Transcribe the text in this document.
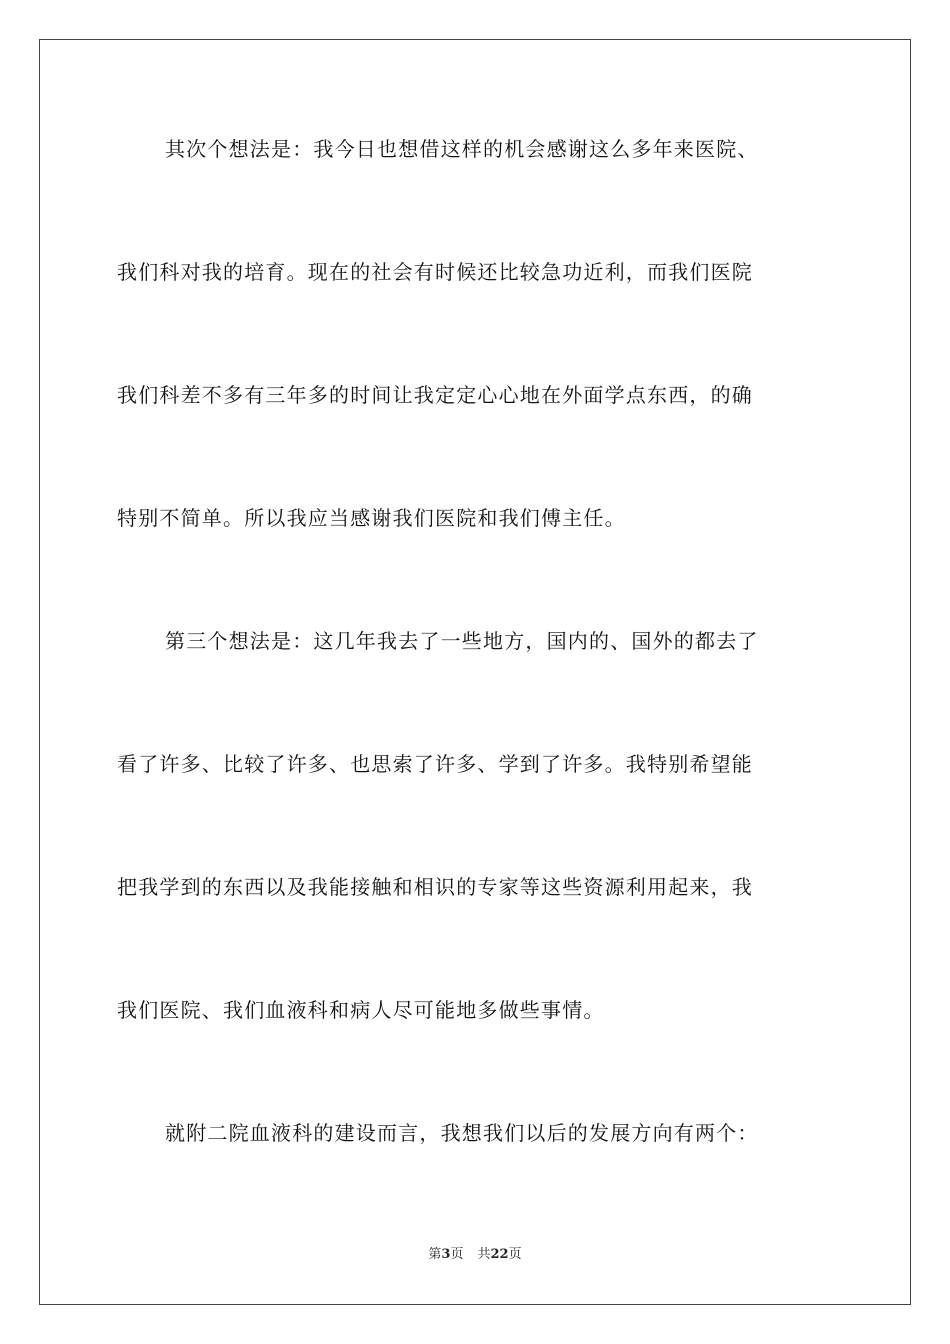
其次个想法是：我今日也想借这样的机会感谢这么多年来医院、
我们科对我的培育。现在的社会有时候还比较急功近利，而我们医院
我们科差不多有三年多的时间让我定定心心地在外面学点东西，的确
特别不简单。所以我应当感谢我们医院和我们傅主任。
第三个想法是：这几年我去了一些地方，国内的、国外的都去了
看了许多、比较了许多、也思索了许多、学到了许多。我特别希望能
把我学到的东西以及我能接触和相识的专家等这些资源利用起来，我
我们医院、我们血液科和病人尽可能地多做些事情。
就附二院血液科的建设而言，我想我们以后的发展方向有两个：
第3页 共22页
